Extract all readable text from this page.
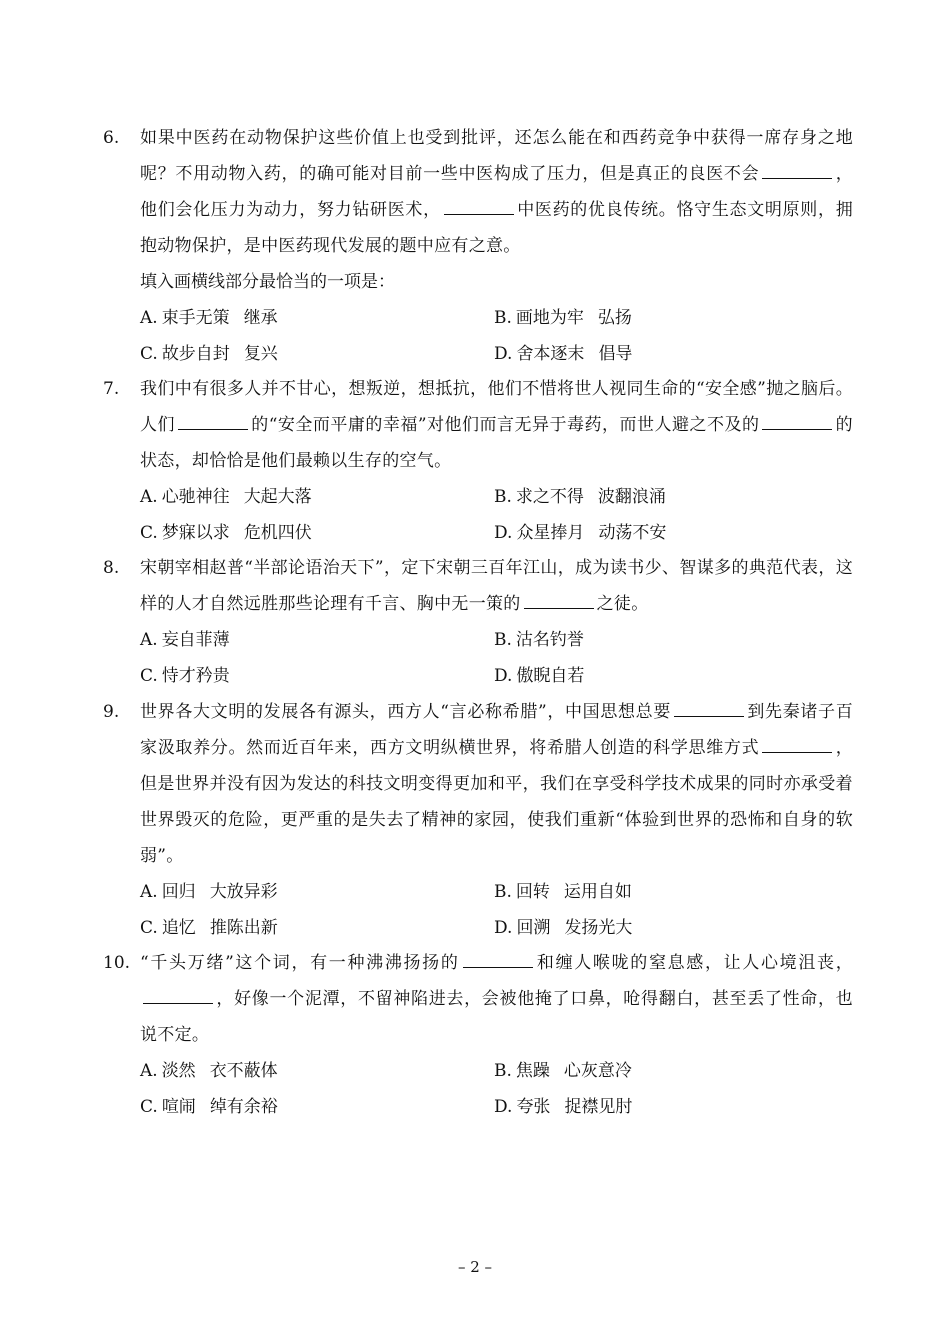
6. 如果中医药在动物保护这些价值上也受到批评，还怎么能在和西药竞争中获得一席存身之地呢？不用动物入药，的确可能对目前一些中医构成了压力，但是真正的良医不会	，他们会化压力为动力，努力钻研医术，	中医药的优良传统。恪守生态文明原则，拥抱动物保护，是中医药现代发展的题中应有之意。
填入画横线部分最恰当的一项是：
A. 束手无策 继承	B. 画地为牢 弘扬
C. 故步自封 复兴	D. 舍本逐末 倡导
7. 我们中有很多人并不甘心，想叛逆，想抵抗，他们不惜将世人视同生命的“安全感”抛之脑后。人们	的“安全而平庸的幸福”对他们而言无异于毒药，而世人避之不及的	的状态，却恰恰是他们最赖以生存的空气。
A. 心驰神往 大起大落	B. 求之不得 波翻浪涌
C. 梦寐以求 危机四伏	D. 众星捧月 动荡不安
8. 宋朝宰相赵普“半部论语治天下”，定下宋朝三百年江山，成为读书少、智谋多的典范代表，这样的人才自然远胜那些论理有千言、胸中无一策的	之徒。
A. 妄自菲薄	B. 沽名钓誉
C. 恃才矜贵	D. 傲睨自若
9. 世界各大文明的发展各有源头，西方人“言必称希腊”，中国思想总要	到先秦诸子百家汲取养分。然而近百年来，西方文明纵横世界，将希腊人创造的科学思维方式	，但是世界并没有因为发达的科技文明变得更加和平，我们在享受科学技术成果的同时亦承受着世界毁灭的危险，更严重的是失去了精神的家园，使我们重新“体验到世界的恐怖和自身的软弱”。
A. 回归 大放异彩	B. 回转 运用自如
C. 追忆 推陈出新	D. 回溯 发扬光大
10. “千头万绪”这个词，有一种沸沸扬扬的	和缠人喉咙的窒息感，让人心境沮丧，，好像一个泥潭，不留神陷进去，会被他掩了口鼻，呛得翻白，甚至丢了性命，也说不定。
A. 淡然 衣不蔽体	B. 焦躁 心灰意冷
C. 喧闹 绰有余裕	D. 夸张 捉襟见肘
– 2 –
